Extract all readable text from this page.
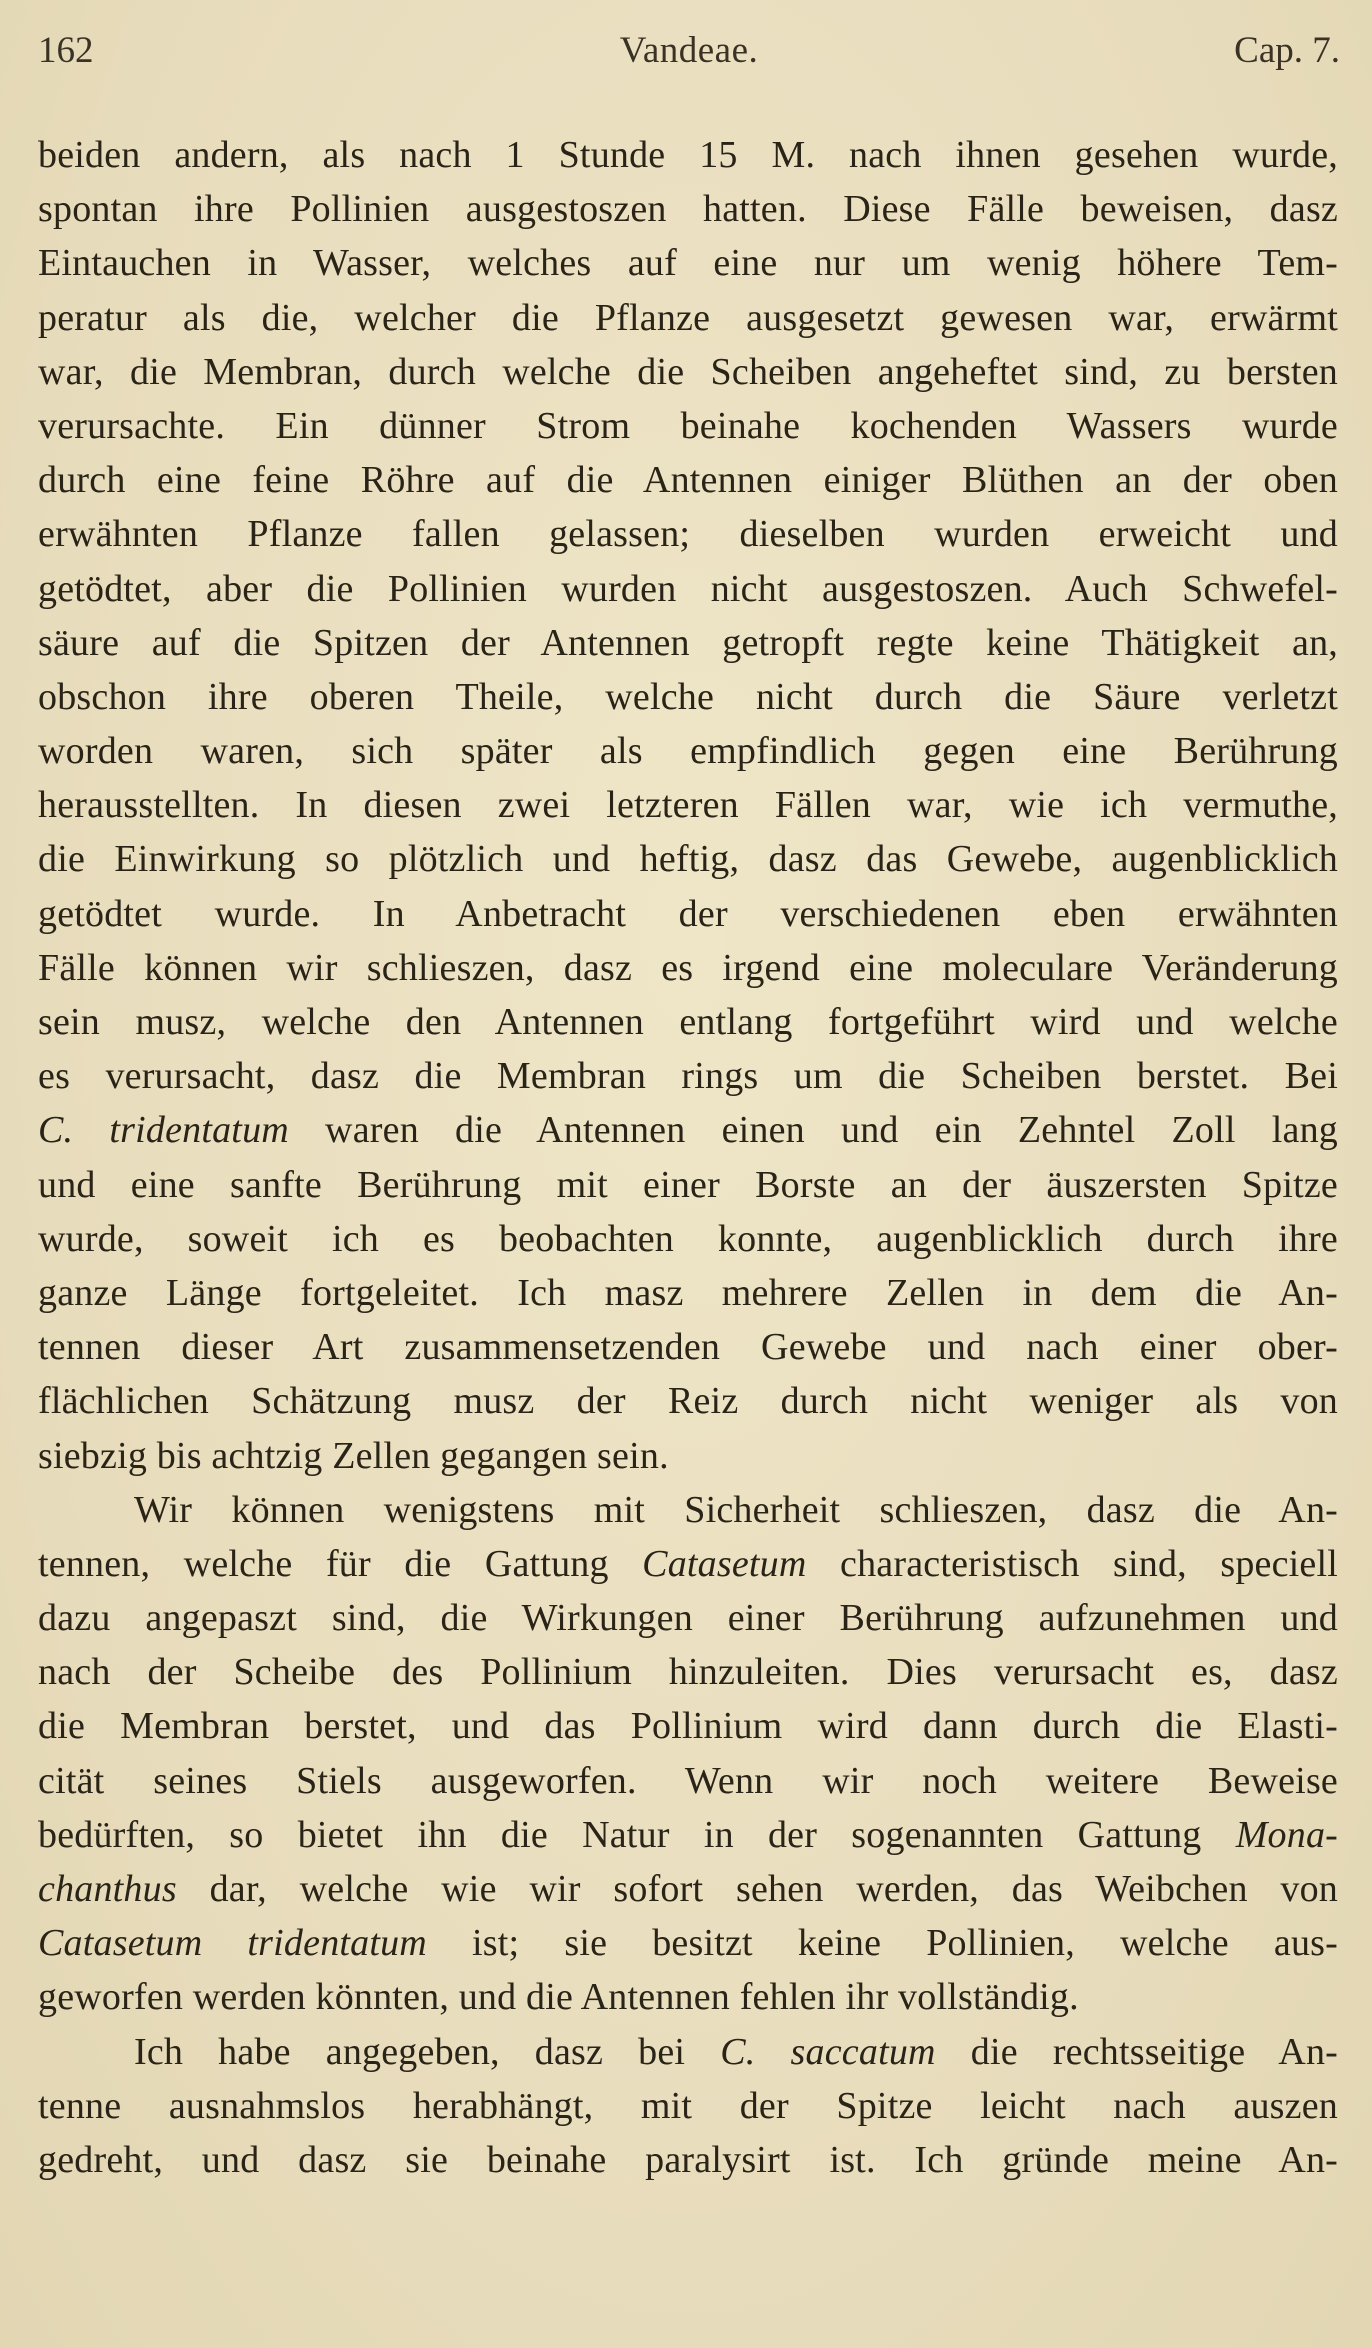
162	Vandeae.	Cap. 7.
beiden andern, als nach 1 Stunde 15 M. nach ihnen gesehen wurde,
spontan ihre Pollinien ausgestoszen hatten. Diese Fälle beweisen, dasz
Eintauchen in Wasser, welches auf eine nur um wenig höhere Tem-
peratur als die, welcher die Pflanze ausgesetzt gewesen war, erwärmt
war, die Membran, durch welche die Scheiben angeheftet sind, zu bersten
verursachte. Ein dünner Strom beinahe kochenden Wassers wurde
durch eine feine Röhre auf die Antennen einiger Blüthen an der oben
erwähnten Pflanze fallen gelassen; dieselben wurden erweicht und
getödtet, aber die Pollinien wurden nicht ausgestoszen. Auch Schwefel-
säure auf die Spitzen der Antennen getropft regte keine Thätigkeit an,
obschon ihre oberen Theile, welche nicht durch die Säure verletzt
worden waren, sich später als empfindlich gegen eine Berührung
herausstellten. In diesen zwei letzteren Fällen war, wie ich vermuthe,
die Einwirkung so plötzlich und heftig, dasz das Gewebe, augenblicklich
getödtet wurde. In Anbetracht der verschiedenen eben erwähnten
Fälle können wir schlieszen, dasz es irgend eine moleculare Veränderung
sein musz, welche den Antennen entlang fortgeführt wird und welche
es verursacht, dasz die Membran rings um die Scheiben berstet. Bei
C. tridentatum waren die Antennen einen und ein Zehntel Zoll lang
und eine sanfte Berührung mit einer Borste an der äuszersten Spitze
wurde, soweit ich es beobachten konnte, augenblicklich durch ihre
ganze Länge fortgeleitet. Ich masz mehrere Zellen in dem die An-
tennen dieser Art zusammensetzenden Gewebe und nach einer ober-
flächlichen Schätzung musz der Reiz durch nicht weniger als von
siebzig bis achtzig Zellen gegangen sein.
Wir können wenigstens mit Sicherheit schlieszen, dasz die An-
tennen, welche für die Gattung Catasetum characteristisch sind, speciell
dazu angepaszt sind, die Wirkungen einer Berührung aufzunehmen und
nach der Scheibe des Pollinium hinzuleiten. Dies verursacht es, dasz
die Membran berstet, und das Pollinium wird dann durch die Elasti-
cität seines Stiels ausgeworfen. Wenn wir noch weitere Beweise
bedürften, so bietet ihn die Natur in der sogenannten Gattung Mona-
chanthus dar, welche wie wir sofort sehen werden, das Weibchen von
Catasetum tridentatum ist; sie besitzt keine Pollinien, welche aus-
geworfen werden könnten, und die Antennen fehlen ihr vollständig.
Ich habe angegeben, dasz bei C. saccatum die rechtsseitige An-
tenne ausnahmslos herabhängt, mit der Spitze leicht nach auszen
gedreht, und dasz sie beinahe paralysirt ist. Ich gründe meine An-
